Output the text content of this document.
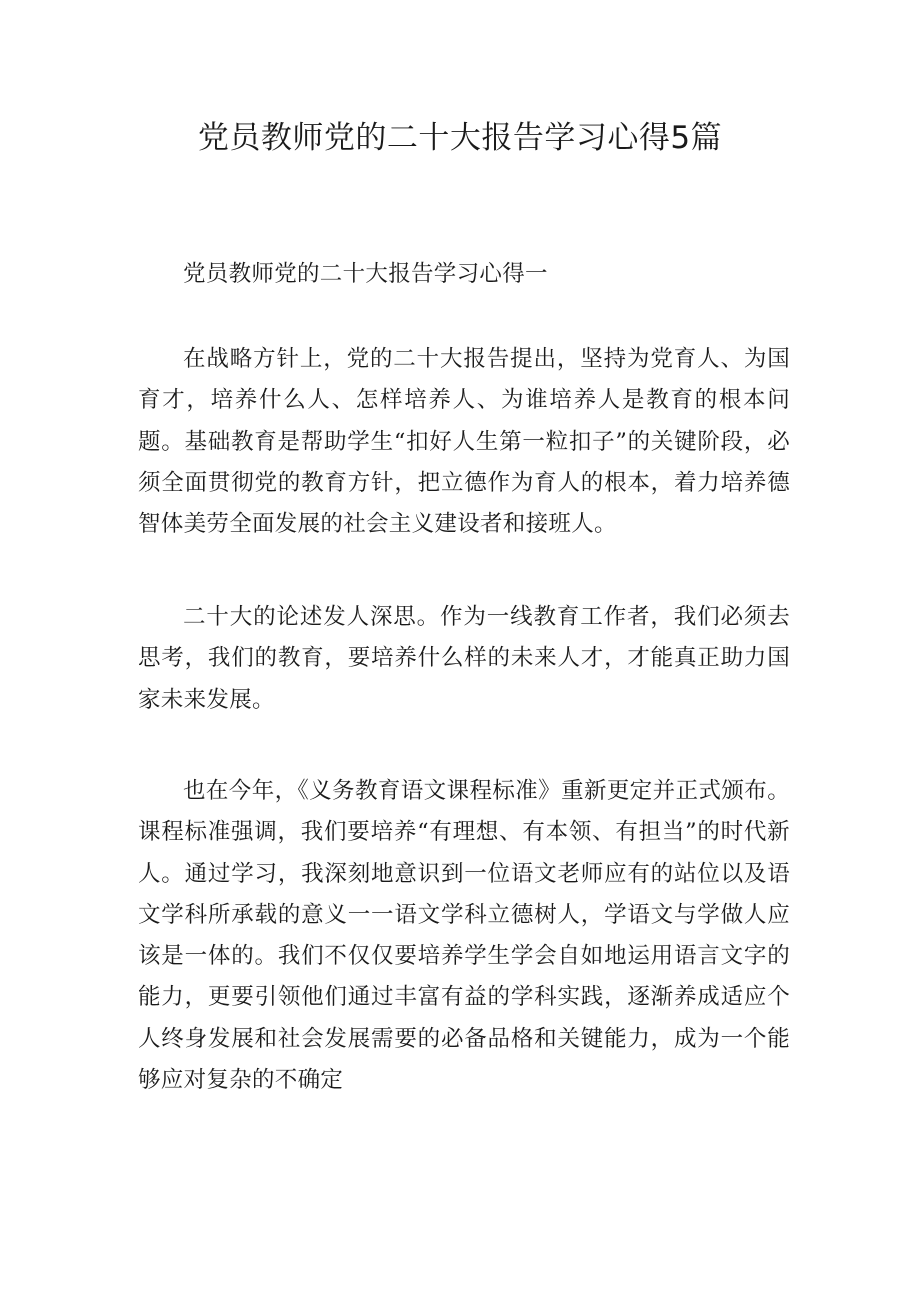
党员教师党的二十大报告学习心得5篇

党员教师党的二十大报告学习心得一

在战略方针上，党的二十大报告提出，坚持为党育人、为国育才，培养什么人、怎样培养人、为谁培养人是教育的根本问题。基础教育是帮助学生“扣好人生第一粒扣子”的关键阶段，必须全面贯彻党的教育方针，把立德作为育人的根本，着力培养德智体美劳全面发展的社会主义建设者和接班人。

二十大的论述发人深思。作为一线教育工作者，我们必须去思考，我们的教育，要培养什么样的未来人才，才能真正助力国家未来发展。

也在今年，《义务教育语文课程标准》重新更定并正式颁布。课程标准强调，我们要培养“有理想、有本领、有担当”的时代新人。通过学习，我深刻地意识到一位语文老师应有的站位以及语文学科所承载的意义一一语文学科立德树人，学语文与学做人应该是一体的。我们不仅仅要培养学生学会自如地运用语言文字的能力，更要引领他们通过丰富有益的学科实践，逐渐养成适应个人终身发展和社会发展需要的必备品格和关键能力，成为一个能够应对复杂的不确定
